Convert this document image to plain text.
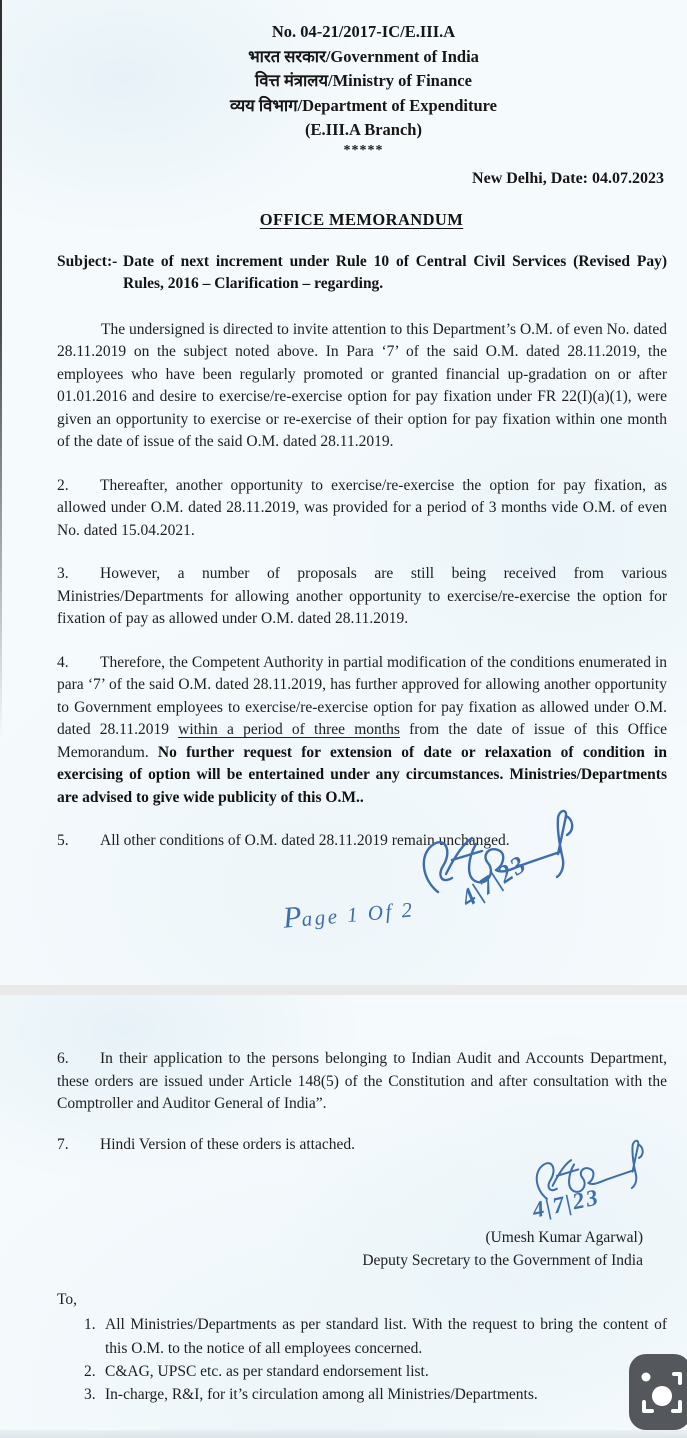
No. 04-21/2017-IC/E.III.A
भारत सरकार/Government of India
वित्त मंत्रालय/Ministry of Finance
व्यय विभाग/Department of Expenditure
(E.III.A Branch)
*****
New Delhi, Date: 04.07.2023
OFFICE MEMORANDUM
Subject:- Date of next increment under Rule 10 of Central Civil Services (Revised Pay) Rules, 2016 – Clarification – regarding.

The undersigned is directed to invite attention to this Department’s O.M. of even No. dated 28.11.2019 on the subject noted above. In Para ‘7’ of the said O.M. dated 28.11.2019, the employees who have been regularly promoted or granted financial up-gradation on or after 01.01.2016 and desire to exercise/re-exercise option for pay fixation under FR 22(I)(a)(1), were given an opportunity to exercise or re-exercise of their option for pay fixation within one month of the date of issue of the said O.M. dated 28.11.2019.

2. Thereafter, another opportunity to exercise/re-exercise the option for pay fixation, as allowed under O.M. dated 28.11.2019, was provided for a period of 3 months vide O.M. of even No. dated 15.04.2021.

3. However, a number of proposals are still being received from various Ministries/Departments for allowing another opportunity to exercise/re-exercise the option for fixation of pay as allowed under O.M. dated 28.11.2019.

4. Therefore, the Competent Authority in partial modification of the conditions enumerated in para ‘7’ of the said O.M. dated 28.11.2019, has further approved for allowing another opportunity to Government employees to exercise/re-exercise option for pay fixation as allowed under O.M. dated 28.11.2019 within a period of three months from the date of issue of this Office Memorandum. No further request for extension of date or relaxation of condition in exercising of option will be entertained under any circumstances. Ministries/Departments are advised to give wide publicity of this O.M..

5. All other conditions of O.M. dated 28.11.2019 remain unchanged.

4|7|23
Page 1 Of 2

6. In their application to the persons belonging to Indian Audit and Accounts Department, these orders are issued under Article 148(5) of the Constitution and after consultation with the Comptroller and Auditor General of India”.

7. Hindi Version of these orders is attached.

(Umesh Kumar Agarwal)
Deputy Secretary to the Government of India
To,
1. All Ministries/Departments as per standard list. With the request to bring the content of this O.M. to the notice of all employees concerned.
2. C&AG, UPSC etc. as per standard endorsement list.
3. In-charge, R&I, for it’s circulation among all Ministries/Departments.
4|7|23
